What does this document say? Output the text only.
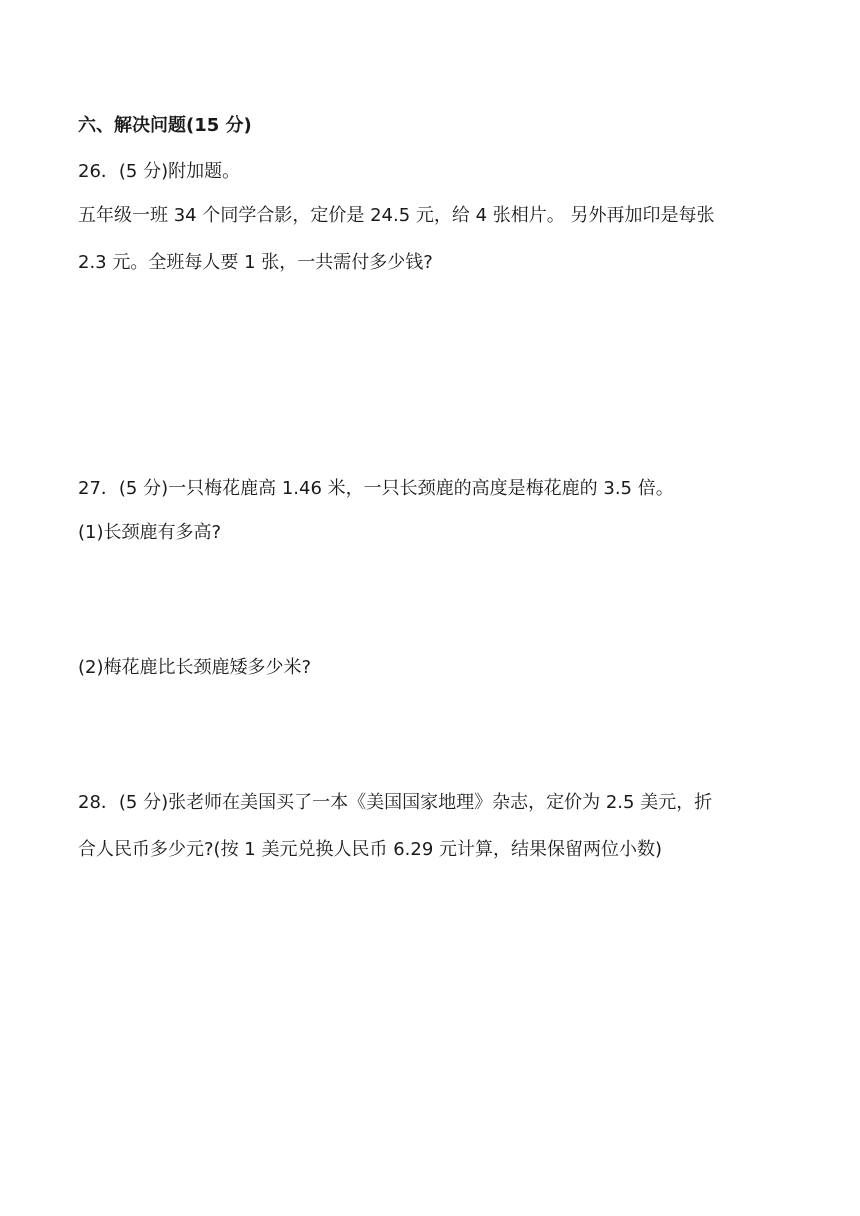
六、解决问题(15 分)
26．(5 分)附加题。
五年级一班 34 个同学合影，定价是 24.5 元，给 4 张相片。 另外再加印是每张
2.3 元。全班每人要 1 张，一共需付多少钱?
27．(5 分)一只梅花鹿高 1.46 米，一只长颈鹿的高度是梅花鹿的 3.5 倍。
(1)长颈鹿有多高?
(2)梅花鹿比长颈鹿矮多少米?
28．(5 分)张老师在美国买了一本《美国国家地理》杂志，定价为 2.5 美元，折
合人民币多少元?(按 1 美元兑换人民币 6.29 元计算，结果保留两位小数)
